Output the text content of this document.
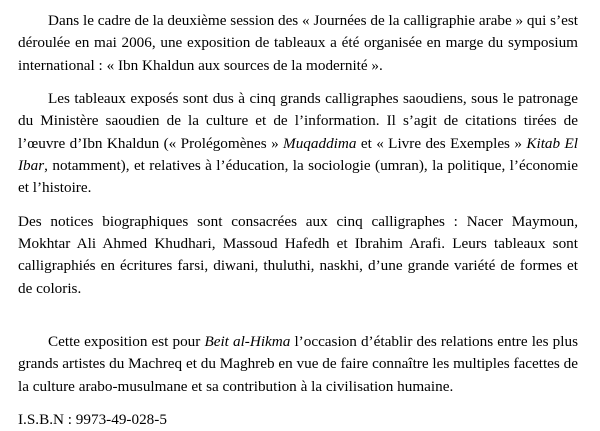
Dans le cadre de la deuxième session des « Journées de la calligraphie arabe » qui s’est déroulée en mai 2006, une exposition de tableaux a été organisée en marge du symposium international : « Ibn Khaldun aux sources de la modernité ».

Les tableaux exposés sont dus à cinq grands calligraphes saoudiens, sous le patronage du Ministère saoudien de la culture et de l’information. Il s’agit de citations tirées de l’œuvre d’Ibn Khaldun (« Prolégomènes » Muqaddima et « Livre des Exemples » Kitab El Ibar, notamment), et relatives à l’éducation, la sociologie (umran), la politique, l’économie et l’histoire.

Des notices biographiques sont consacrées aux cinq calligraphes : Nacer Maymoun, Mokhtar Ali Ahmed Khudhari, Massoud Hafedh et Ibrahim Arafi. Leurs tableaux sont calligraphiés en écritures farsi, diwani, thuluthi, naskhi, d’une grande variété de formes et de coloris.

Cette exposition est pour Beit al-Hikma l’occasion d’établir des relations entre les plus grands artistes du Machreq et du Maghreb en vue de faire connaître les multiples facettes de la culture arabo-musulmane et sa contribution à la civilisation humaine.

I.S.B.N : 9973-49-028-5
